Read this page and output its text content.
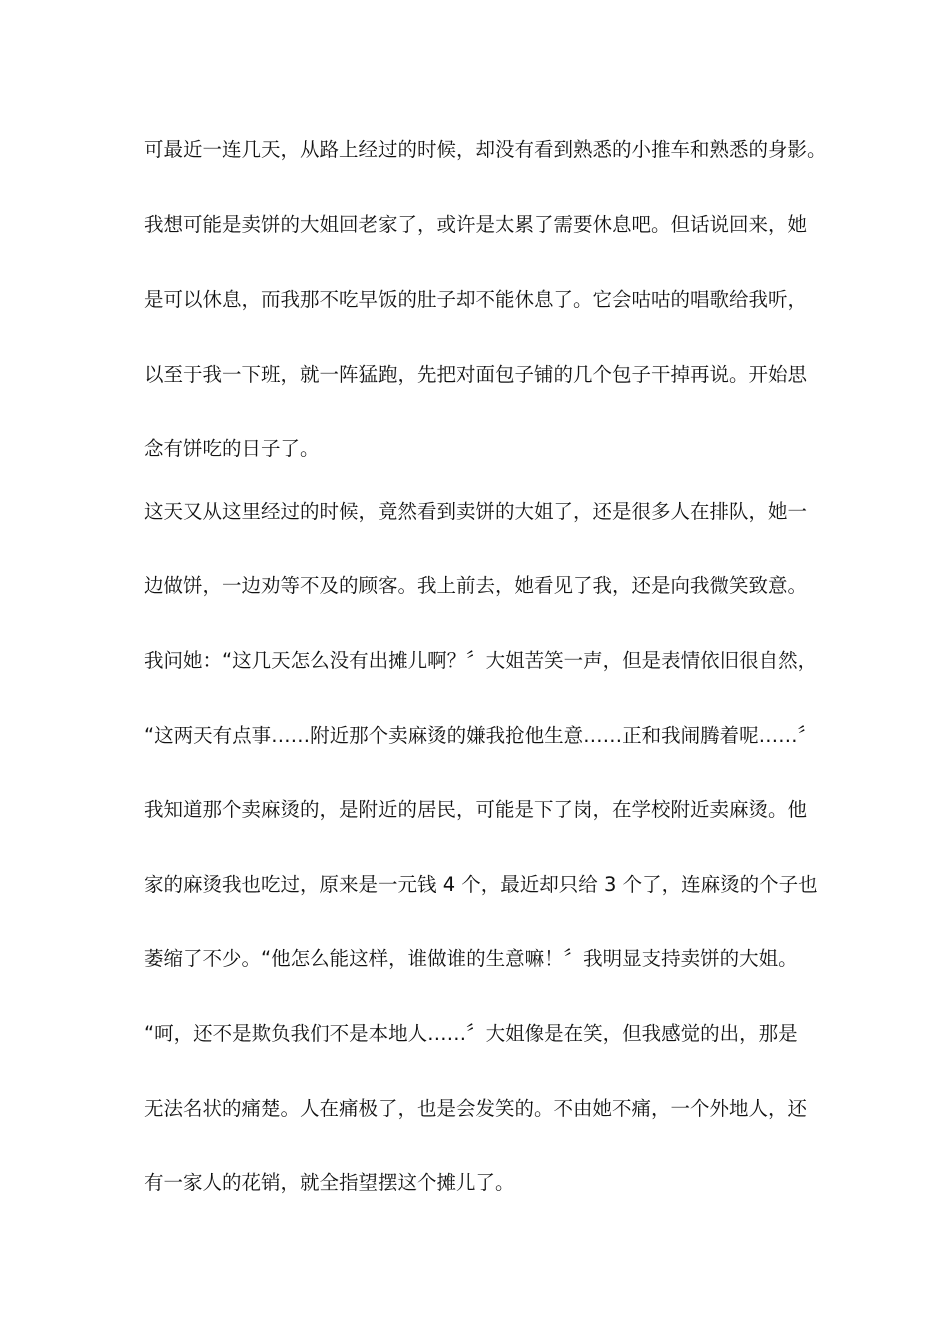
可最近一连几天，从路上经过的时候，却没有看到熟悉的小推车和熟悉的身影。
我想可能是卖饼的大姐回老家了，或许是太累了需要休息吧。但话说回来，她
是可以休息，而我那不吃早饭的肚子却不能休息了。它会咕咕的唱歌给我听，
以至于我一下班，就一阵猛跑，先把对面包子铺的几个包子干掉再说。开始思
念有饼吃的日子了。
这天又从这里经过的时候，竟然看到卖饼的大姐了，还是很多人在排队，她一
边做饼，一边劝等不及的顾客。我上前去，她看见了我，还是向我微笑致意。
我问她：“这几天怎么没有出摊儿啊？〞大姐苦笑一声，但是表情依旧很自然，
“这两天有点事……附近那个卖麻烫的嫌我抢他生意……正和我闹腾着呢……〞
我知道那个卖麻烫的，是附近的居民，可能是下了岗，在学校附近卖麻烫。他
家的麻烫我也吃过，原来是一元钱 4 个，最近却只给 3 个了，连麻烫的个子也
萎缩了不少。“他怎么能这样，谁做谁的生意嘛！〞我明显支持卖饼的大姐。
“呵，还不是欺负我们不是本地人……〞大姐像是在笑，但我感觉的出，那是
无法名状的痛楚。人在痛极了，也是会发笑的。不由她不痛，一个外地人，还
有一家人的花销，就全指望摆这个摊儿了。
